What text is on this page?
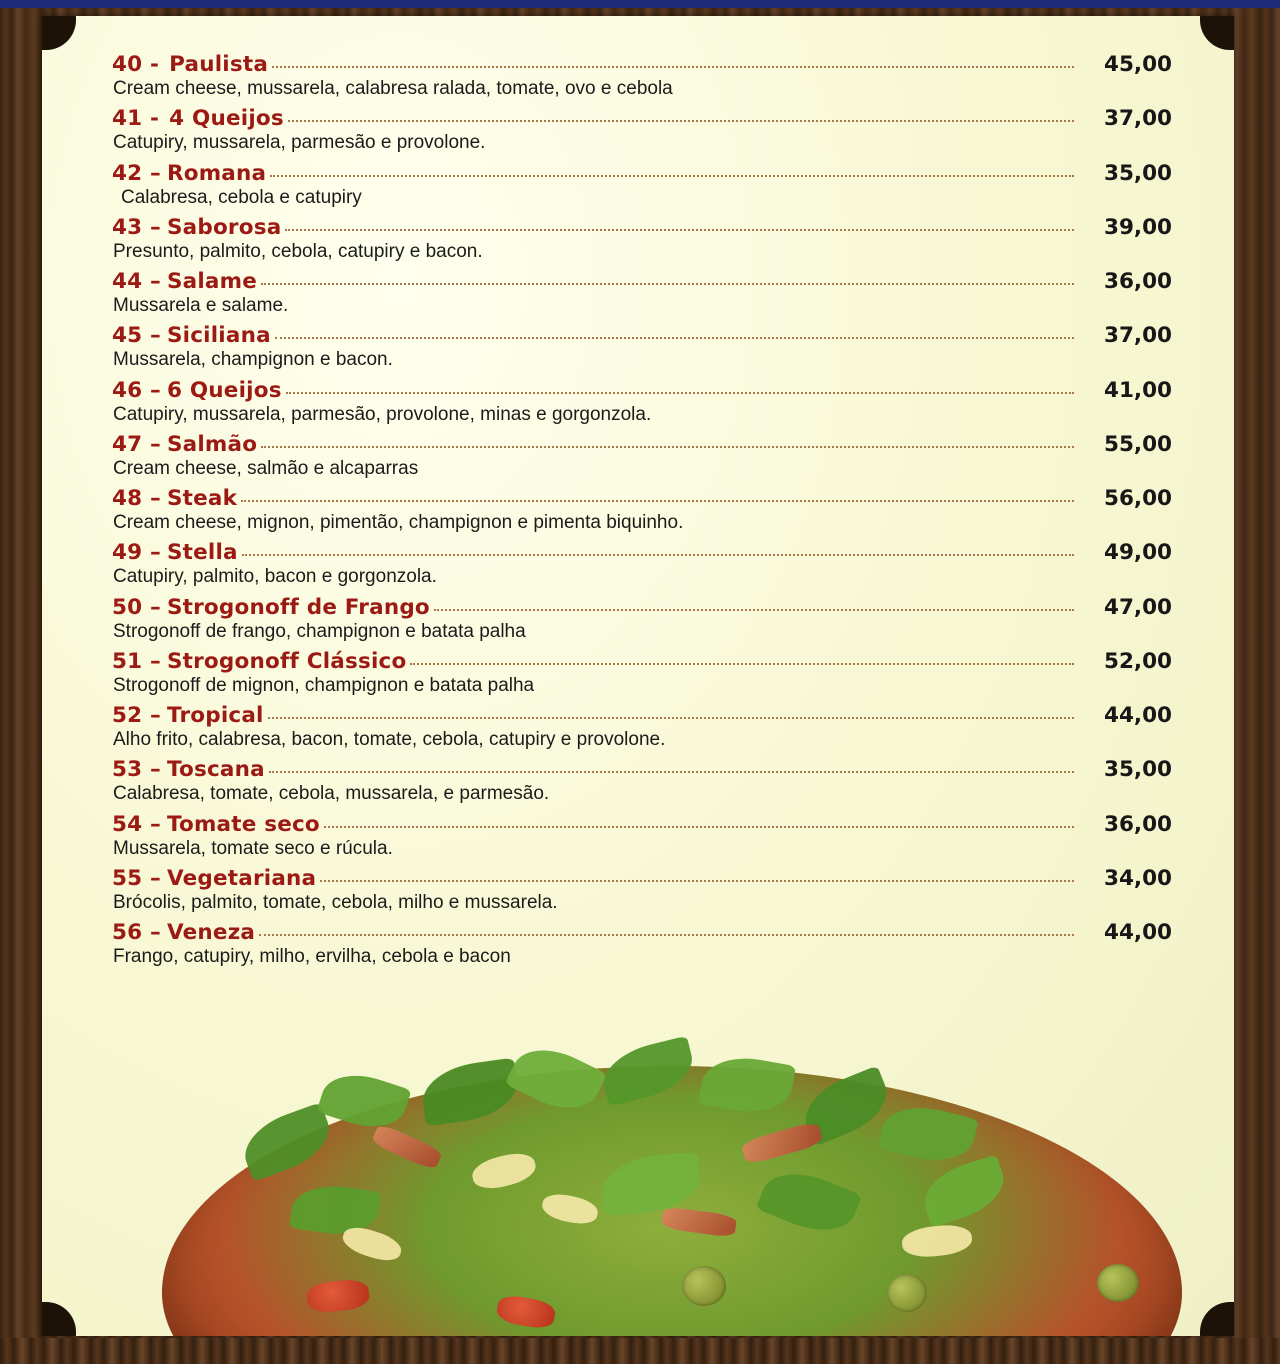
40 - Paulista	45,00
Cream cheese, mussarela, calabresa ralada, tomate, ovo e cebola
41 - 4 Queijos	37,00
Catupiry, mussarela, parmesão e provolone.
42 – Romana	35,00
Calabresa, cebola e catupiry
43 – Saborosa	39,00
Presunto, palmito, cebola, catupiry e bacon.
44 – Salame	36,00
Mussarela e salame.
45 – Siciliana	37,00
Mussarela, champignon e bacon.
46 – 6 Queijos	41,00
Catupiry, mussarela, parmesão, provolone, minas e gorgonzola.
47 – Salmão	55,00
Cream cheese, salmão e alcaparras
48 – Steak	56,00
Cream cheese, mignon, pimentão, champignon e pimenta biquinho.
49 – Stella	49,00
Catupiry, palmito, bacon e gorgonzola.
50 – Strogonoff de Frango	47,00
Strogonoff de frango, champignon e batata palha
51 – Strogonoff Clássico	52,00
Strogonoff de mignon, champignon e batata palha
52 – Tropical	44,00
Alho frito, calabresa, bacon, tomate, cebola, catupiry e provolone.
53 – Toscana	35,00
Calabresa, tomate, cebola, mussarela, e parmesão.
54 – Tomate seco	36,00
Mussarela, tomate seco e rúcula.
55 – Vegetariana	34,00
Brócolis, palmito, tomate, cebola, milho e mussarela.
56 – Veneza	44,00
Frango, catupiry, milho, ervilha, cebola e bacon
